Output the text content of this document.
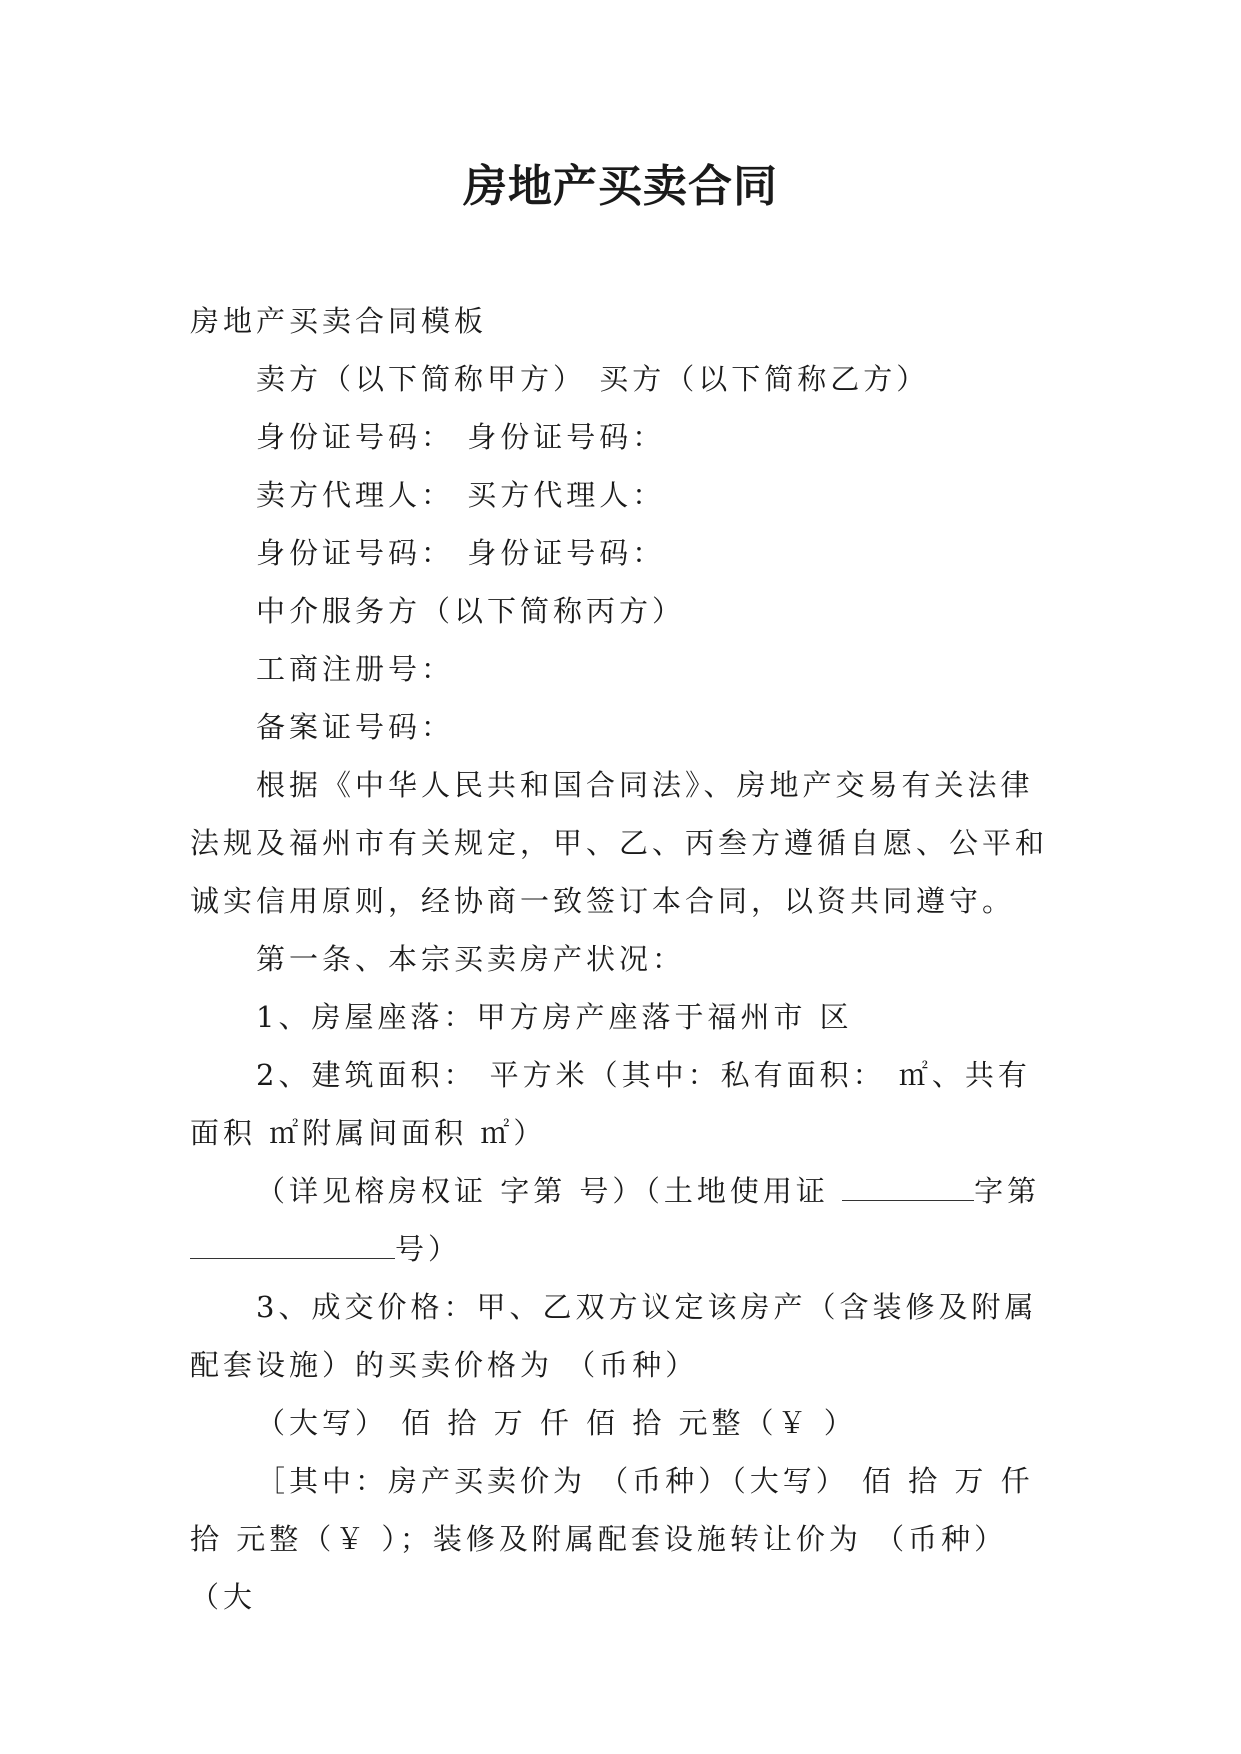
房地产买卖合同

房地产买卖合同模板

卖方（以下简称甲方） 买方（以下简称乙方）

身份证号码： 身份证号码：

卖方代理人： 买方代理人：

身份证号码： 身份证号码：

中介服务方（以下简称丙方）

工商注册号：

备案证号码：

根据《中华人民共和国合同法》、房地产交易有关法律法规及福州市有关规定，甲、乙、丙叁方遵循自愿、公平和诚实信用原则，经协商一致签订本合同，以资共同遵守。

第一条、本宗买卖房产状况：

1、房屋座落：甲方房产座落于福州市 区

2、建筑面积： 平方米（其中：私有面积： ㎡、共有面积 ㎡附属间面积 ㎡）

（详见榕房权证 字第 号）（土地使用证	字第号）

3、成交价格：甲、乙双方议定该房产（含装修及附属配套设施）的买卖价格为 （币种）

（大写） 佰 拾 万 仟 佰 拾 元整（￥ ）

［其中：房产买卖价为 （币种）（大写） 佰 拾 万 仟 拾 元整（￥ ）；装修及附属配套设施转让价为 （币种）（大
